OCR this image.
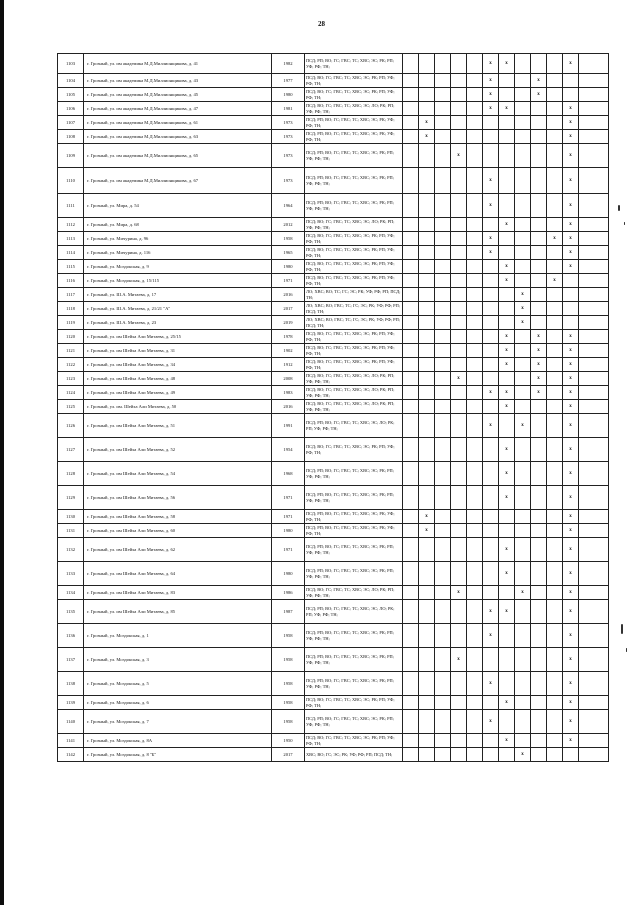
28
1103	г. Грозный, ул. им академика М.Д.Миллионщикова, д. 41	1982	ПСД; РП; ВО; ГС; ГВС; ТС; ХВС; ЭС; РК; РП; УФ; РФ; ТН;						x	x				x	
1104	г. Грозный, ул. им академика М.Д.Миллионщикова, д. 43	1977	ПСД; ВО; ГС; ГВС; ТС; ХВС; ЭС; РК; РП; УФ; РФ; ТН;						x			x			
1105	г. Грозный, ул. им академика М.Д.Миллионщикова, д. 45	1980	ПСД; ВО; ГС; ГВС; ТС; ХВС; ЭС; РК; РП; УФ; РФ; ТН;						x			x			
1106	г. Грозный, ул. им академика М.Д.Миллионщикова, д. 47	1981	ПСД; ВО; ГС; ГВС; ТС; ХВС; ЭС; ЛО; РК; РП; УФ; РФ; ТН;						x	x				x	
1107	г. Грозный, ул. им академика М.Д.Миллионщикова, д. 61	1973	ПСД; РП; ВО; ГС; ГВС; ТС; ХВС; ЭС; РК; УФ; РФ; ТН;		x									x	
1108	г. Грозный, ул. им академика М.Д.Миллионщикова, д. 63	1973	ПСД; РП; ВО; ГС; ГВС; ТС; ХВС; ЭС; РК; УФ; РФ; ТН;		x									x	
1109	г. Грозный, ул. им академика М.Д.Миллионщикова, д. 65	1973	ПСД; РП; ВО; ГС; ГВС; ТС; ХВС; ЭС; РК; РП; УФ; РФ; ТН;				x							x	
1110	г. Грозный, ул. им академика М.Д.Миллионщикова, д. 67	1973	ПСД; РП; ВО; ГС; ГВС; ТС; ХВС; ЭС; РК; РП; УФ; РФ; ТН;						x					x	
1111	г. Грозный, ул. Мира, д. 54	1964	ПСД; РП; ВО; ГС; ГВС; ТС; ХВС; ЭС; РК; РП; УФ; РФ; ТН;						x					x	
1112	г. Грозный, ул. Мира, д. 68	2012	ПСД; ВО; ГС; ГВС; ТС; ХВС; ЭС; ЛО; РК; РП; УФ; РФ; ТН;							x				x	
1113	г. Грозный, ул. Мичурина, д. 96	1958	ПСД; ВО; ГС; ГВС; ТС; ХВС; ЭС; РК; РП; УФ; РФ; ТН;						x				x	x	
1114	г. Грозный, ул. Мичурина, д. 116	1965	ПСД; ВО; ГС; ГВС; ТС; ХВС; ЭС; РК; РП; УФ; РФ; ТН;						x					x	
1115	г. Грозный, ул. Моздокская, д. 9	1980	ПСД; ВО; ГС; ГВС; ТС; ХВС; ЭС; РК; РП; УФ; РФ; ТН;							x				x	
1116	г. Грозный, ул. Моздокская, д. 15/115	1971	ПСД; ВО; ГС; ГВС; ТС; ХВС; ЭС; РК; РП; УФ; РФ; ТН;							x			x		
1117	г. Грозный, ул. Ш.А. Митаева, д. 17	2016	ЛО; ХВС; ВО; ТС; ГС; ЭС; РК; УФ; РФ; РП; ПСД; ТН;								x				
1118	г. Грозный, ул. Ш.А. Митаева, д. 21/21 "А"	2017	ЛО; ХВС; ВО; ГВС; ТС; ГС; ЭС; РК; УФ; РФ; РП; ПСД; ТН;								x				
1119	г. Грозный, ул. Ш.А. Митаева, д. 23	2019	ЛО; ХВС; ВО; ГВС; ТС; ГС; ЭС; РК; УФ; РФ; РП; ПСД; ТН;								x				
1120	г. Грозный, ул. им Шейха Али Митаева, д. 25/15	1978	ПСД; ВО; ГС; ГВС; ТС; ХВС; ЭС; РК; РП; УФ; РФ; ТН;							x		x		x	
1121	г. Грозный, ул. им Шейха Али Митаева, д. 31	1902	ПСД; ВО; ГС; ГВС; ТС; ХВС; ЭС; РК; РП; УФ; РФ; ТН;							x		x		x	
1122	г. Грозный, ул. им Шейха Али Митаева, д. 34	1912	ПСД; ВО; ГС; ГВС; ТС; ХВС; ЭС; РК; РП; УФ; РФ; ТН;							x		x		x	
1123	г. Грозный, ул. им Шейха Али Митаева, д. 48	2008	ПСД; ВО; ГС; ГВС; ТС; ХВС; ЭС; ЛО; РК; РП; УФ; РФ; ТН;				x					x		x	
1124	г. Грозный, ул. им Шейха Али Митаева, д. 49	1983	ПСД; ВО; ГС; ГВС; ТС; ХВС; ЭС; ЛО; РК; РП; УФ; РФ; ТН;						x	x		x		x	
1125	г. Грозный, ул. им. Шейха Али Митаева, д. 50	2016	ПСД; ВО; ГС; ГВС; ТС; ХВС; ЭС; ЛО; РК; РП; УФ; РФ; ТН;							x				x	
1126	г. Грозный, ул. им Шейха Али Митаева, д. 51	1991	ПСД; РП; ВО; ГС; ГВС; ТС; ХВС; ЭС; ЛО; РК; РП; УФ; РФ; ТН;						x		x			x	
1127	г. Грозный, ул. им Шейха Али Митаева, д. 52	1954	ПСД; ВО; ГС; ГВС; ТС; ХВС; ЭС; РК; РП; УФ; РФ; ТН;							x				x	
1128	г. Грозный, ул. им Шейха Али Митаева, д. 54	1968	ПСД; РП; ВО; ГС; ГВС; ТС; ХВС; ЭС; РК; РП; УФ; РФ; ТН;							x				x	
1129	г. Грозный, ул. им Шейха Али Митаева, д. 56	1971	ПСД; РП; ВО; ГС; ГВС; ТС; ХВС; ЭС; РК; РП; УФ; РФ; ТН;							x				x	
1130	г. Грозный, ул. им Шейха Али Митаева, д. 58	1971	ПСД; РП; ВО; ГС; ГВС; ТС; ХВС; ЭС; РК; УФ; РФ; ТН;		x									x	
1131	г. Грозный, ул. им Шейха Али Митаева, д. 60	1980	ПСД; РП; ВО; ГС; ГВС; ТС; ХВС; ЭС; РК; УФ; РФ; ТН;		x									x	
1132	г. Грозный, ул. им Шейха Али Митаева, д. 62	1971	ПСД; РП; ВО; ГС; ГВС; ТС; ХВС; ЭС; РК; РП; УФ; РФ; ТН;							x				x	
1133	г. Грозный, ул. им Шейха Али Митаева, д. 64	1980	ПСД; РП; ВО; ГС; ГВС; ТС; ХВС; ЭС; РК; РП; УФ; РФ; ТН;							x				x	
1134	г. Грозный, ул. им Шейха Али Митаева, д. 83	1986	ПСД; ВО; ГС; ГВС; ТС; ХВС; ЭС; ЛО; РК; РП; УФ; РФ; ТН;				x				x			x	
1135	г. Грозный, ул. им Шейха Али Митаева, д. 85	1987	ПСД; РП; ВО; ГС; ГВС; ТС; ХВС; ЭС; ЛО; РК; РП; УФ; РФ; ТН;						x	x				x	
1136	г. Грозный, ул. Моздокская, д. 1	1958	ПСД; РП; ВО; ГС; ГВС; ТС; ХВС; ЭС; РК; РП; УФ; РФ; ТН;						x					x	
1137	г. Грозный, ул. Моздокская, д. 3	1958	ПСД; РП; ВО; ГС; ГВС; ТС; ХВС; ЭС; РК; РП; УФ; РФ; ТН;				x							x	
1138	г. Грозный, ул. Моздокская, д. 5	1958	ПСД; РП; ВО; ГС; ГВС; ТС; ХВС; ЭС; РК; РП; УФ; РФ; ТН;						x					x	
1139	г. Грозный, ул. Моздокская, д. 6	1958	ПСД; ВО; ГС; ГВС; ТС; ХВС; ЭС; РК; РП; УФ; РФ; ТН;							x				x	
1140	г. Грозный, ул. Моздокская, д. 7	1958	ПСД; РП; ВО; ГС; ГВС; ТС; ХВС; ЭС; РК; РП; УФ; РФ; ТН;						x					x	
1141	г. Грозный, ул. Моздокская, д. 8А	1950	ПСД; ВО; ГС; ГВС; ТС; ХВС; ЭС; РК; РП; УФ; РФ; ТН;							x				x	
1142	г. Грозный, ул. Моздокская, д. 8 "Б"	2017	ХВС; ВО; ГС; ЭС; РК; УФ; РФ; РП; ПСД; ТН;								x				
